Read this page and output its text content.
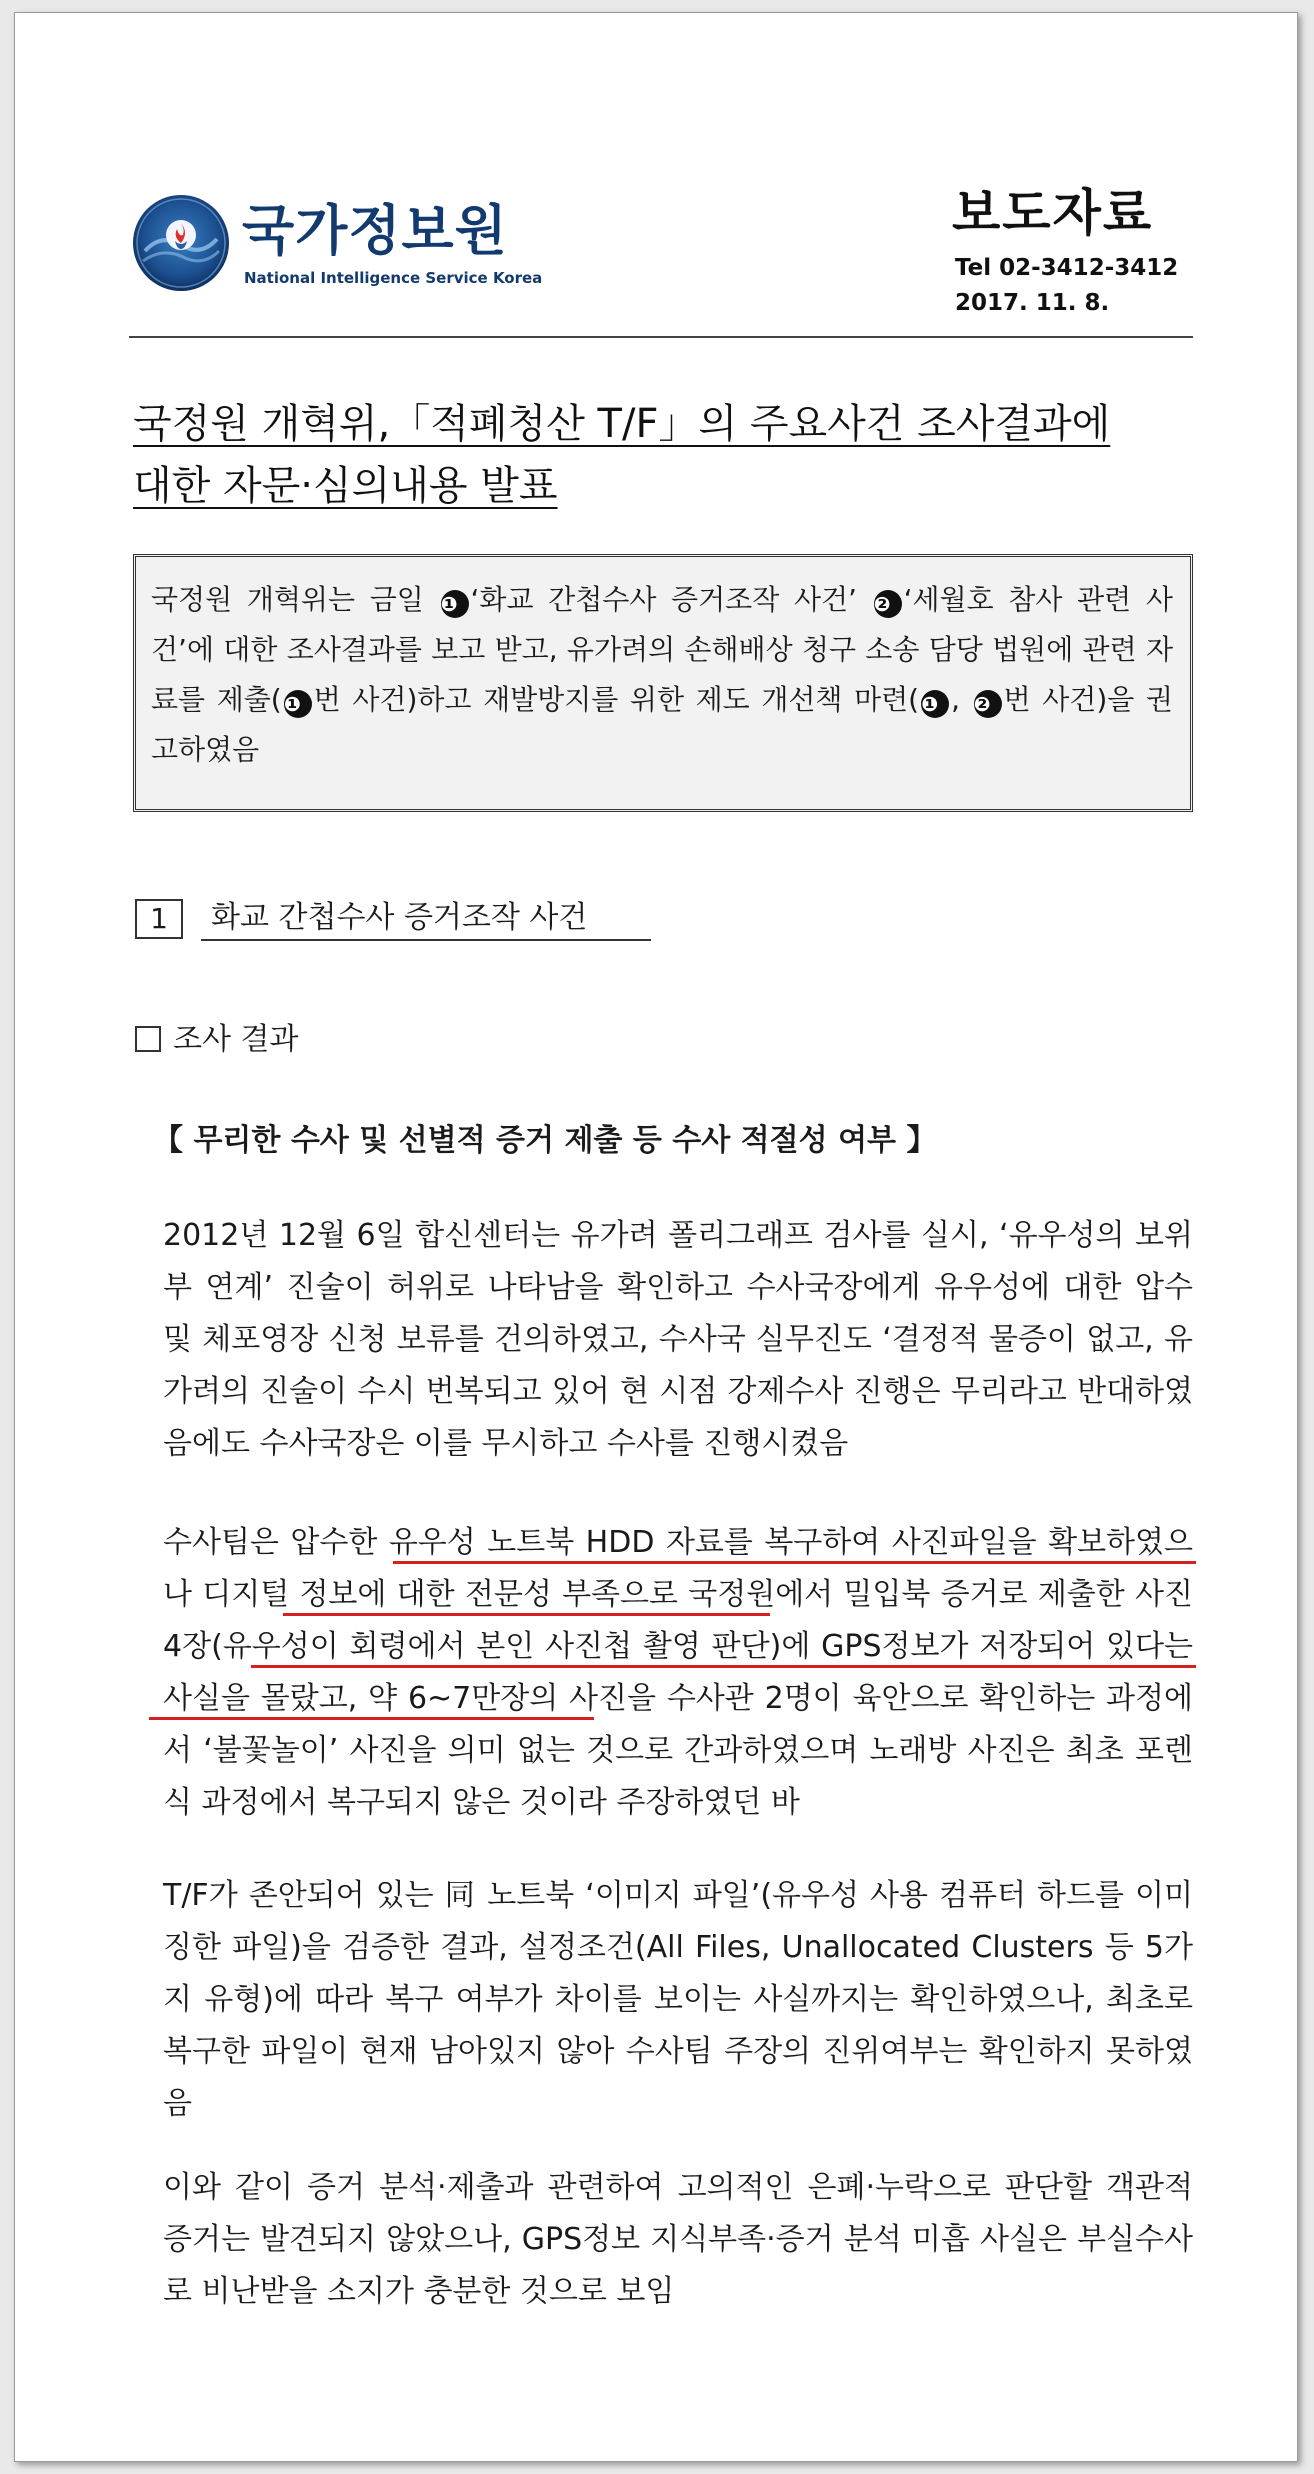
국가정보원
National Intelligence Service Korea
보도자료
Tel 02-3412-3412
2017. 11. 8.
국정원 개혁위,「적폐청산 T/F」의 주요사건 조사결과에
대한 자문‧심의내용 발표
국정원 개혁위는 금일 ❶ ‘화교 간첩수사 증거조작 사건’ ❷ ‘세월호 참사 관련 사건’에 대한 조사결과를 보고 받고, 유가려의 손해배상 청구 소송 담당 법원에 관련 자료를 제출( ❶ 번 사건)하고 재발방지를 위한 제도 개선책 마련( ❶ , ❷ 번 사건)을 권고하였음
1	화교 간첩수사 증거조작 사건
조사 결과
【 무리한 수사 및 선별적 증거 제출 등 수사 적절성 여부 】

2012년 12월 6일 합신센터는 유가려 폴리그래프 검사를 실시, ‘유우성의 보위부 연계’ 진술이 허위로 나타남을 확인하고 수사국장에게 유우성에 대한 압수 및 체포영장 신청 보류를 건의하였고, 수사국 실무진도 ‘결정적 물증이 없고, 유가려의 진술이 수시 번복되고 있어 현 시점 강제수사 진행은 무리라고 반대하였음에도 수사국장은 이를 무시하고 수사를 진행시켰음

수사팀은 압수한 유우성 노트북 HDD 자료를 복구하여 사진파일을 확보하였으나 디지털 정보에 대한 전문성 부족으로 국정원에서 밀입북 증거로 제출한 사진 4장(유우성이 회령에서 본인 사진첩 촬영 판단)에 GPS정보가 저장되어 있다는 사실을 몰랐고, 약 6~7만장의 사진을 수사관 2명이 육안으로 확인하는 과정에서 ‘불꽃놀이’ 사진을 의미 없는 것으로 간과하였으며 노래방 사진은 최초 포렌식 과정에서 복구되지 않은 것이라 주장하였던 바

T/F가 존안되어 있는 同 노트북 ‘이미지 파일’(유우성 사용 컴퓨터 하드를 이미징한 파일)을 검증한 결과, 설정조건(All Files, Unallocated Clusters 등 5가지 유형)에 따라 복구 여부가 차이를 보이는 사실까지는 확인하였으나, 최초로 복구한 파일이 현재 남아있지 않아 수사팀 주장의 진위여부는 확인하지 못하였음

이와 같이 증거 분석‧제출과 관련하여 고의적인 은폐‧누락으로 판단할 객관적 증거는 발견되지 않았으나, GPS정보 지식부족‧증거 분석 미흡 사실은 부실수사로 비난받을 소지가 충분한 것으로 보임
